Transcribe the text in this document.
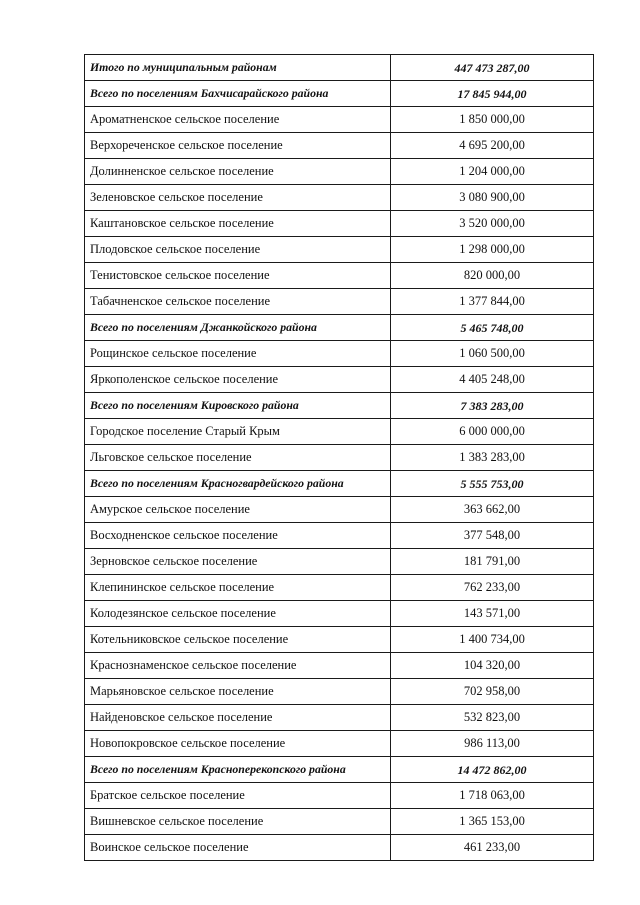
Итого по муниципальным районам	447 473 287,00
Всего по поселениям Бахчисарайского района	17 845 944,00
Ароматненское сельское поселение	1 850 000,00
Верхореченское сельское поселение	4 695 200,00
Долинненское сельское поселение	1 204 000,00
Зеленовское сельское поселение	3 080 900,00
Каштановское сельское поселение	3 520 000,00
Плодовское сельское поселение	1 298 000,00
Тенистовское сельское поселение	820 000,00
Табачненское сельское поселение	1 377 844,00
Всего по поселениям Джанкойского района	5 465 748,00
Рощинское сельское поселение	1 060 500,00
Яркополенское сельское поселение	4 405 248,00
Всего по поселениям Кировского района	7 383 283,00
Городское поселение Старый Крым	6 000 000,00
Льговское сельское поселение	1 383 283,00
Всего по поселениям Красногвардейского района	5 555 753,00
Амурское сельское поселение	363 662,00
Восходненское сельское поселение	377 548,00
Зерновское сельское поселение	181 791,00
Клепининское сельское поселение	762 233,00
Колодезянское сельское поселение	143 571,00
Котельниковское сельское поселение	1 400 734,00
Краснознаменское сельское поселение	104 320,00
Марьяновское сельское поселение	702 958,00
Найденовское сельское поселение	532 823,00
Новопокровское сельское поселение	986 113,00
Всего по поселениям Красноперекопского района	14 472 862,00
Братское сельское поселение	1 718 063,00
Вишневское сельское поселение	1 365 153,00
Воинское сельское поселение	461 233,00
